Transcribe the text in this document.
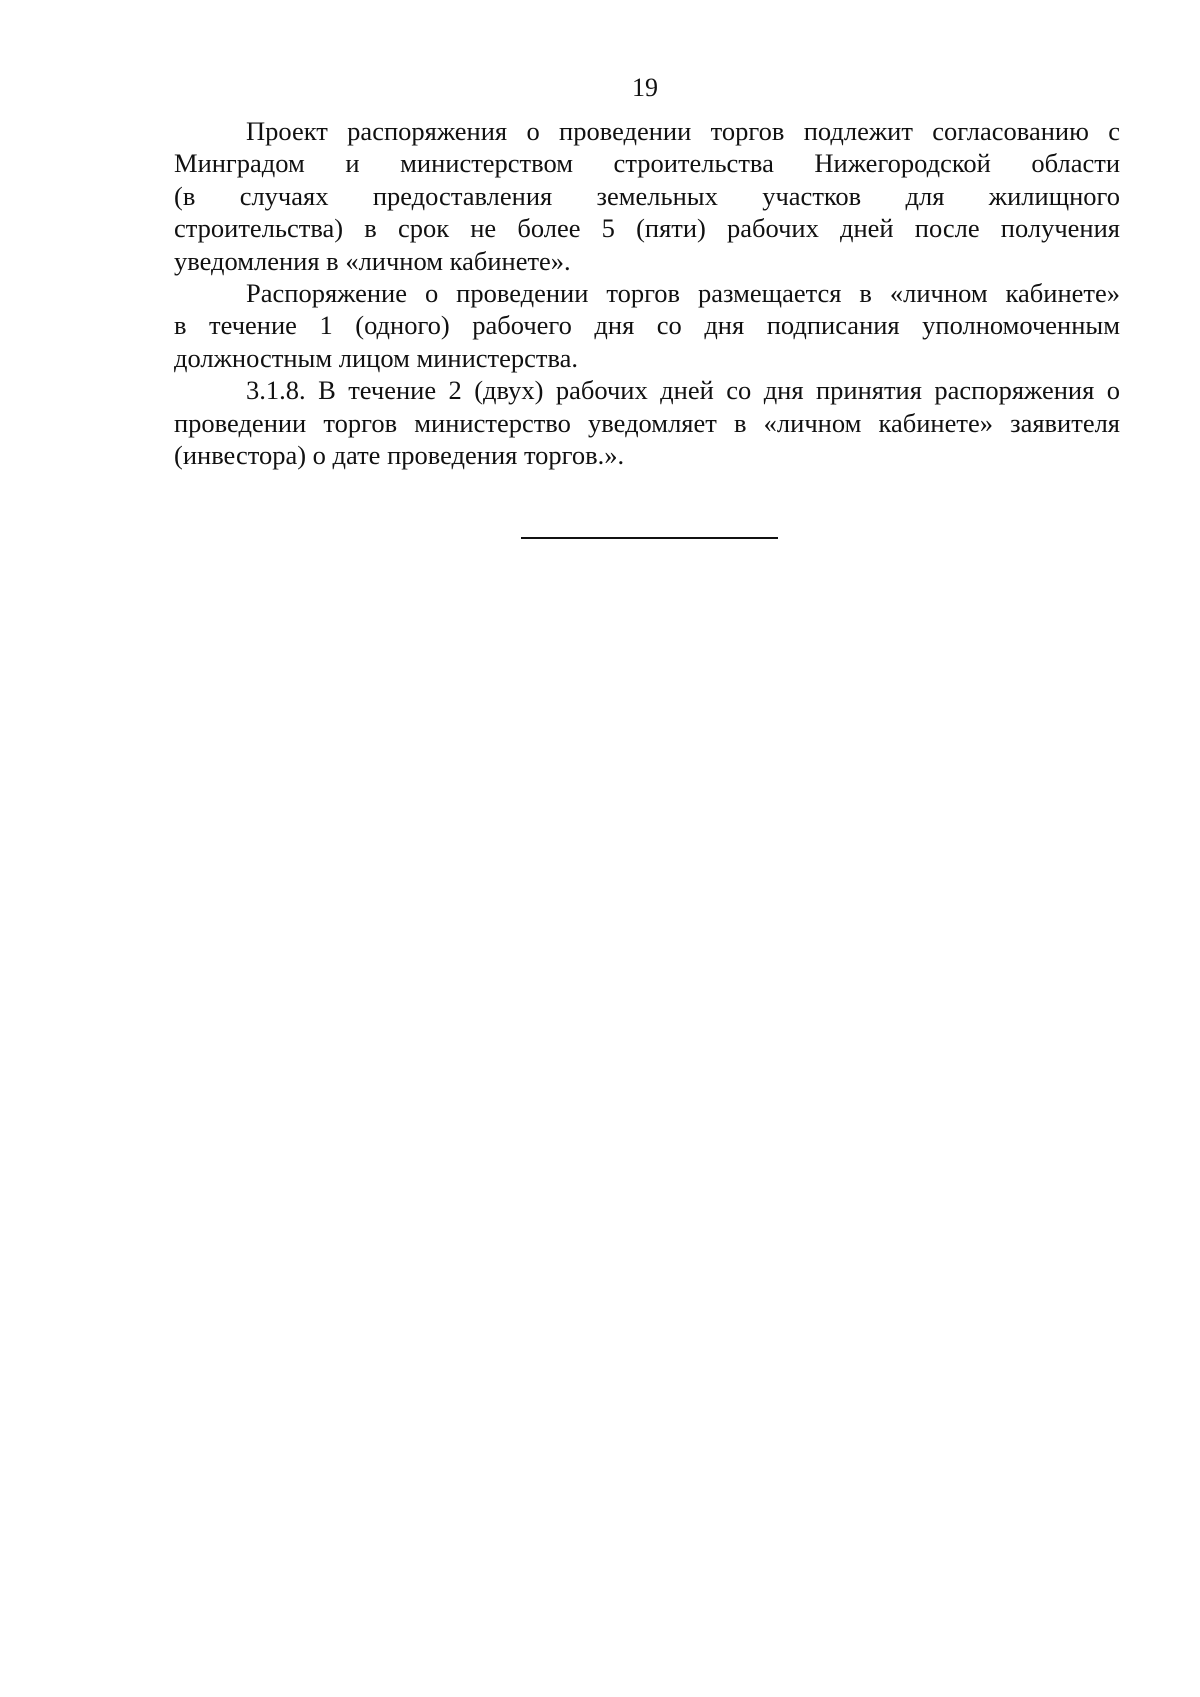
19
Проект распоряжения о проведении торгов подлежит согласованию с
Минградом и министерством строительства Нижегородской области
(в случаях предоставления земельных участков для жилищного
строительства) в срок не более 5 (пяти) рабочих дней после получения
уведомления в «личном кабинете».
Распоряжение о проведении торгов размещается в «личном кабинете»
в течение 1 (одного) рабочего дня со дня подписания уполномоченным
должностным лицом министерства.
3.1.8. В течение 2 (двух) рабочих дней со дня принятия распоряжения о
проведении торгов министерство уведомляет в «личном кабинете» заявителя
(инвестора) о дате проведения торгов.».
